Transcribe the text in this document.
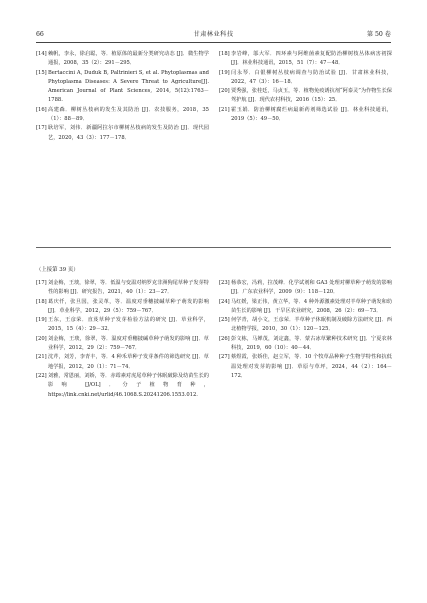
66	甘肃林业科技	第 50 卷

[14] 赖帆，李永，徐启聪，等．植原体的最新分类研究动态 [J]．微生物学通报，2008，35（2）：291－295．

[15] Bertaccini A, Duduk B, Paltrinieri S, et al. Phytoplasmas and Phytoplasma Diseases: A Severe Threat to Agriculture[J]. American Journal of Plant Sciences, 2014, 5(12):1763－1788.

[16] 高建森．柳树丛枝病的发生及其防治 [J]．农技服务，2018，35（1）：88－89．

[17] 耿培军，刘伟．新疆阿拉尔市柳树丛枝病的发生及防治 [J]．现代园艺，2020，43（3）：177－178．

[18] 李岩峰，邬大军．四环素与阿维菌素复配防治柳树枝丛体病害初探 [J]．林业科技通讯，2015，51（7）：47－48．

[19] 闫永琴．白银柳树丛枝病调查与防治试验 [J]．甘肃林业科技，2022，47（3）：16－18．

[20] 贾秀强，张桂廷，马贞玉，等．植物免疫诱抗剂“阿泰灵”为作物生长保驾护航 [J]．现代农村科技，2016（15）：25．

[21] 霍玉娟．防治柳树腐烂病最新药剂筛选试验 [J]．林业科技通讯，2019（5）：49－50．

（上接第 39 页）

[17] 刘金梅，王琰，徐翠，等．低温与变温对纳罗克非洲狗尾草种子发芽特性的影响 [J]．研究报告，2021，40（1）：23－27．

[18] 葛庆仟，张旦国，张灵革，等．温度对垂穗披碱草种子萌发的影响 [J]．草业科学，2012，29（5）：759－767．

[19] 王东，王彦荣．直芨草种子发芽检验方法的研究 [J]．草业科学，2015，15（4）：29－32．

[20] 刘金梅，王琰，徐翠，等．温度对垂穗披碱草种子萌发的影响 [J]．草业科学，2012，29（2）：759－767．

[21] 沈芹，刘芳，李青丰，等．4 种禾草种子发芽条件的筛选研究 [J]．草地学报，2012，20（1）：71－74．

[22] 刘雅，常恩丽，刘娇，等．赤霉素对虎尾草种子休眠破除及幼苗生长的影响 [J/OL]．分子植物育种，https://link.cnki.net/urlid/46.1068.S.20241206.1553.012.

[23] 杨恭宏，冯莉，拉茂峰．化学试剂和 GA3 处理对柳草种子萌发的影响 [J]．广东农业科学，2009（9）：118－120．

[24] 马红媛，梁正伟，黄立华，等．4 种外源激素处理对羊草种子萌发和幼苗生长的影响 [J]．干旱区农业研究，2008，26（2）：69－73．

[25] 何学青，胡小文，王彦荣．羊草种子休眠机制及破除方法研究 [J]．西北植物学报，2010，30（1）：120－125．

[26] 彭文栋，马婵茂，刘定鑫，等．蒙古冰草繁种技术研究 [J]．宁夏农林科技，2019，60（10）：40－44．

[27] 蔡煜霞，张娇佳，赵立军，等．10 个牧草品种种子生物学特性和抗低温处理对发芽的影响 [J]．草原与草坪，2024，44（2）：164－172．
